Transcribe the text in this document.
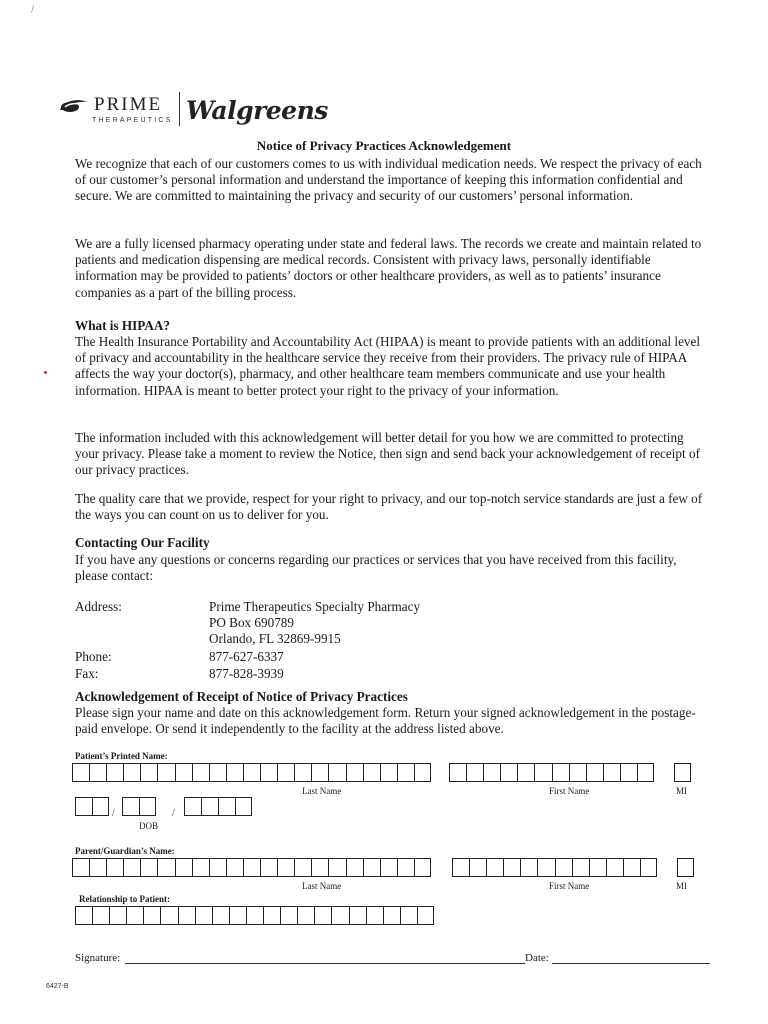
⁄
PRIME
THERAPEUTICS Walgreens
Notice of Privacy Practices Acknowledgement

We recognize that each of our customers comes to us with individual medication needs. We respect the privacy of each of our customer’s personal information and understand the importance of keeping this information confidential and secure. We are committed to maintaining the privacy and security of our customers’ personal information.

We are a fully licensed pharmacy operating under state and federal laws. The records we create and maintain related to patients and medication dispensing are medical records. Consistent with privacy laws, personally identifiable information may be provided to patients’ doctors or other healthcare providers, as well as to patients’ insurance companies as a part of the billing process.

What is HIPAA?

The Health Insurance Portability and Accountability Act (HIPAA) is meant to provide patients with an additional level of privacy and accountability in the healthcare service they receive from their providers. The privacy rule of HIPAA affects the way your doctor(s), pharmacy, and other healthcare team members communicate and use your health information. HIPAA is meant to better protect your right to the privacy of your information.

The information included with this acknowledgement will better detail for you how we are committed to protecting your privacy. Please take a moment to review the Notice, then sign and send back your acknowledgement of receipt of our privacy practices.

The quality care that we provide, respect for your right to privacy, and our top-notch service standards are just a few of the ways you can count on us to deliver for you.

Contacting Our Facility

If you have any questions or concerns regarding our practices or services that you have received from this facility, please contact:

Address:	Prime Therapeutics Specialty Pharmacy
PO Box 690789
Orlando, FL 32869-9915
Phone:	877-627-6337
Fax:	877-828-3939
Acknowledgement of Receipt of Notice of Privacy Practices

Please sign your name and date on this acknowledgement form. Return your signed acknowledgement in the postage-paid envelope. Or send it independently to the facility at the address listed above.

Patient’s Printed Name:
Last Name	First Name	MI
/	/
DOB
Parent/Guardian’s Name:
Last Name	First Name	MI
Relationship to Patient:
Signature:	Date:
6427-B
